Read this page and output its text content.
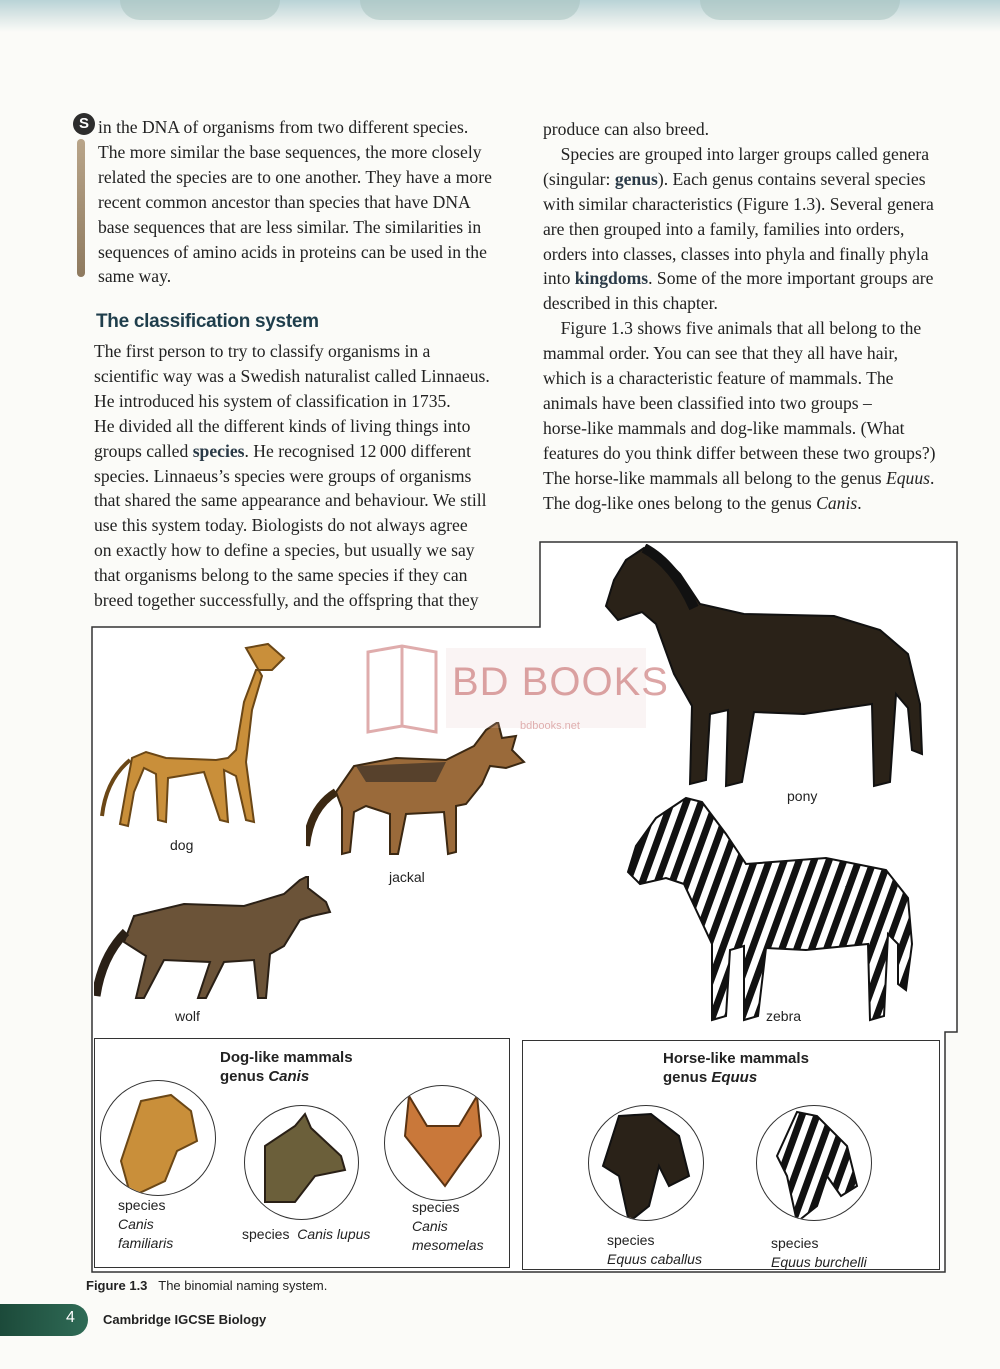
S in the DNA of organisms from two different species.
The more similar the base sequences, the more closely
related the species are to one another. They have a more
recent common ancestor than species that have DNA
base sequences that are less similar. The similarities in
sequences of amino acids in proteins can be used in the
same way.
The classification system
The first person to try to classify organisms in a
scientific way was a Swedish naturalist called Linnaeus.
He introduced his system of classification in 1735.
He divided all the different kinds of living things into
groups called species. He recognised 12 000 different
species. Linnaeus’s species were groups of organisms
that shared the same appearance and behaviour. We still
use this system today. Biologists do not always agree
on exactly how to define a species, but usually we say
that organisms belong to the same species if they can
breed together successfully, and the offspring that they
produce can also breed.
 Species are grouped into larger groups called genera
(singular: genus). Each genus contains several species
with similar characteristics (Figure 1.3). Several genera
are then grouped into a family, families into orders,
orders into classes, classes into phyla and finally phyla
into kingdoms. Some of the more important groups are
described in this chapter.
 Figure 1.3 shows five animals that all belong to the
mammal order. You can see that they all have hair,
which is a characteristic feature of mammals. The
animals have been classified into two groups –
horse-like mammals and dog-like mammals. (What
features do you think differ between these two groups?)
The horse-like mammals all belong to the genus Equus.
The dog-like ones belong to the genus Canis.
dog
jackal
wolf
pony
zebra
Dog-like mammals
genus Canis
species
Canis
familiaris
species Canis lupus
species
Canis
mesomelas
Horse-like mammals
genus Equus
species
Equus caballus
species
Equus burchelli
Figure 1.3 The binomial naming system.
BD BOOKS
bdbooks.net
4 Cambridge IGCSE Biology
